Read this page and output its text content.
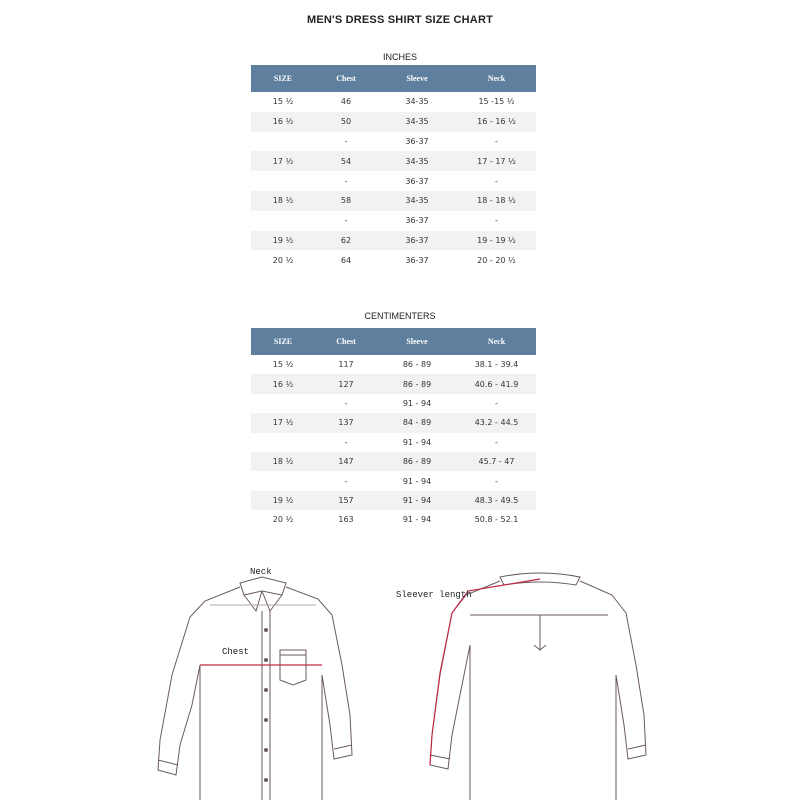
MEN'S DRESS SHIRT SIZE CHART
INCHES
SIZE	Chest	Sleeve	Neck
15 ½	46	34-35	15 -15 ½
16 ½	50	34-35	16 - 16 ½
	-	36-37	-
17 ½	54	34-35	17 - 17 ½
	-	36-37	-
18 ½	58	34-35	18 - 18 ½
	-	36-37	-
19 ½	62	36-37	19 - 19 ½
20 ½	64	36-37	20 - 20 ½
CENTIMENTERS
SIZE	Chest	Sleeve	Neck
15 ½	117	86 - 89	38.1 - 39.4
16 ½	127	86 - 89	40.6 - 41.9
	-	91 - 94	-
17 ½	137	84 - 89	43.2 - 44.5
	-	91 - 94	-
18 ½	147	86 - 89	45.7 - 47
	-	91 - 94	-
19 ½	157	91 - 94	48.3 - 49.5
20 ½	163	91 - 94	50.8 - 52.1
Neck
Chest
Sleever length
